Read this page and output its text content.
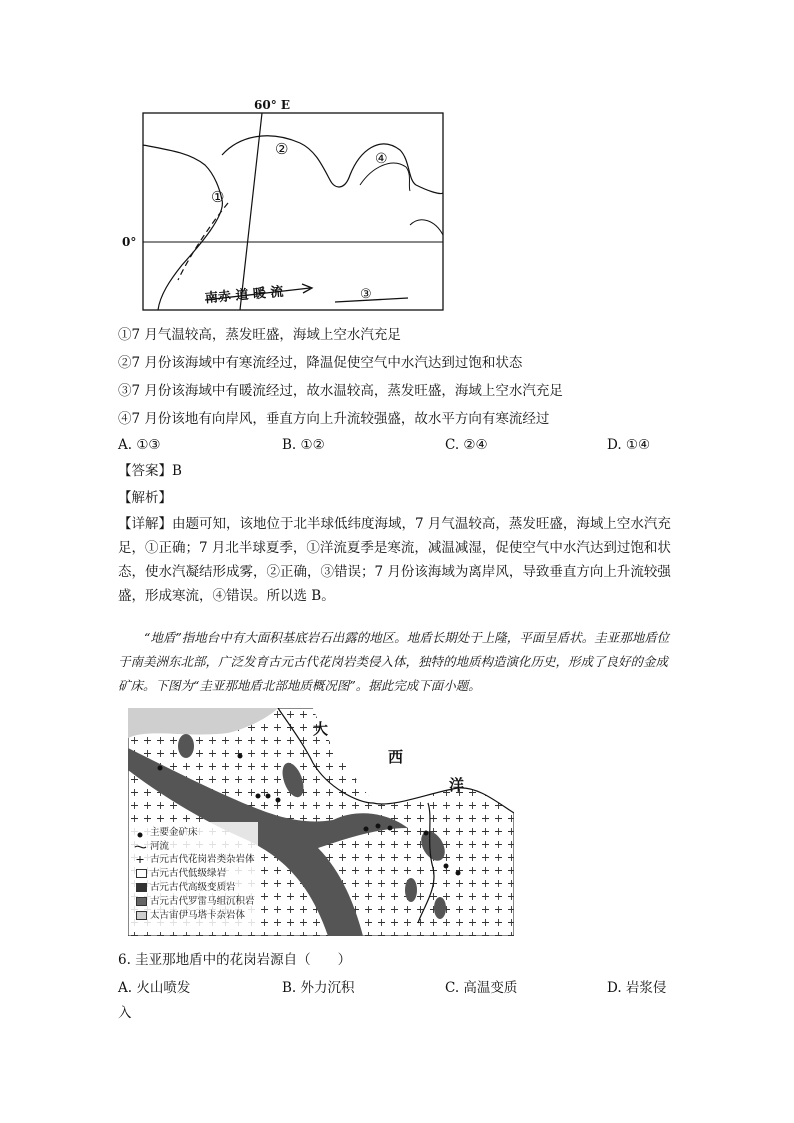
60° E
0°
①
②
③
④
南赤 道 暖 流
①7 月气温较高，蒸发旺盛，海域上空水汽充足
②7 月份该海域中有寒流经过，降温促使空气中水汽达到过饱和状态
③7 月份该海域中有暖流经过，故水温较高，蒸发旺盛，海域上空水汽充足
④7 月份该地有向岸风，垂直方向上升流较强盛，故水平方向有寒流经过
A. ①③	B. ①②	C. ②④	D. ①④
【答案】B
【解析】
【详解】由题可知，该地位于北半球低纬度海域，7 月气温较高，蒸发旺盛，海域上空水汽充足，①正确；7 月北半球夏季，①洋流夏季是寒流，减温减湿，促使空气中水汽达到过饱和状态，使水汽凝结形成雾，②正确，③错误；7 月份该海域为离岸风，导致垂直方向上升流较强盛，形成寒流，④错误。所以选 B。
“地盾”指地台中有大面积基底岩石出露的地区。地盾长期处于上隆，平面呈盾状。圭亚那地盾位于南美洲东北部，广泛发育古元古代花岗岩类侵入体，独特的地质构造演化历史，形成了良好的金成矿床。下图为“圭亚那地盾北部地质概况图”。据此完成下面小题。
大
西
洋
主要金矿床
河流
古元古代花岗岩类杂岩体
古元古代低级绿岩
古元古代高级变质岩
古元古代罗雷马组沉积岩
太古宙伊马塔卡杂岩体
6. 圭亚那地盾中的花岗岩源自（　　）
A. 火山喷发	B. 外力沉积	C. 高温变质	D. 岩浆侵
入
